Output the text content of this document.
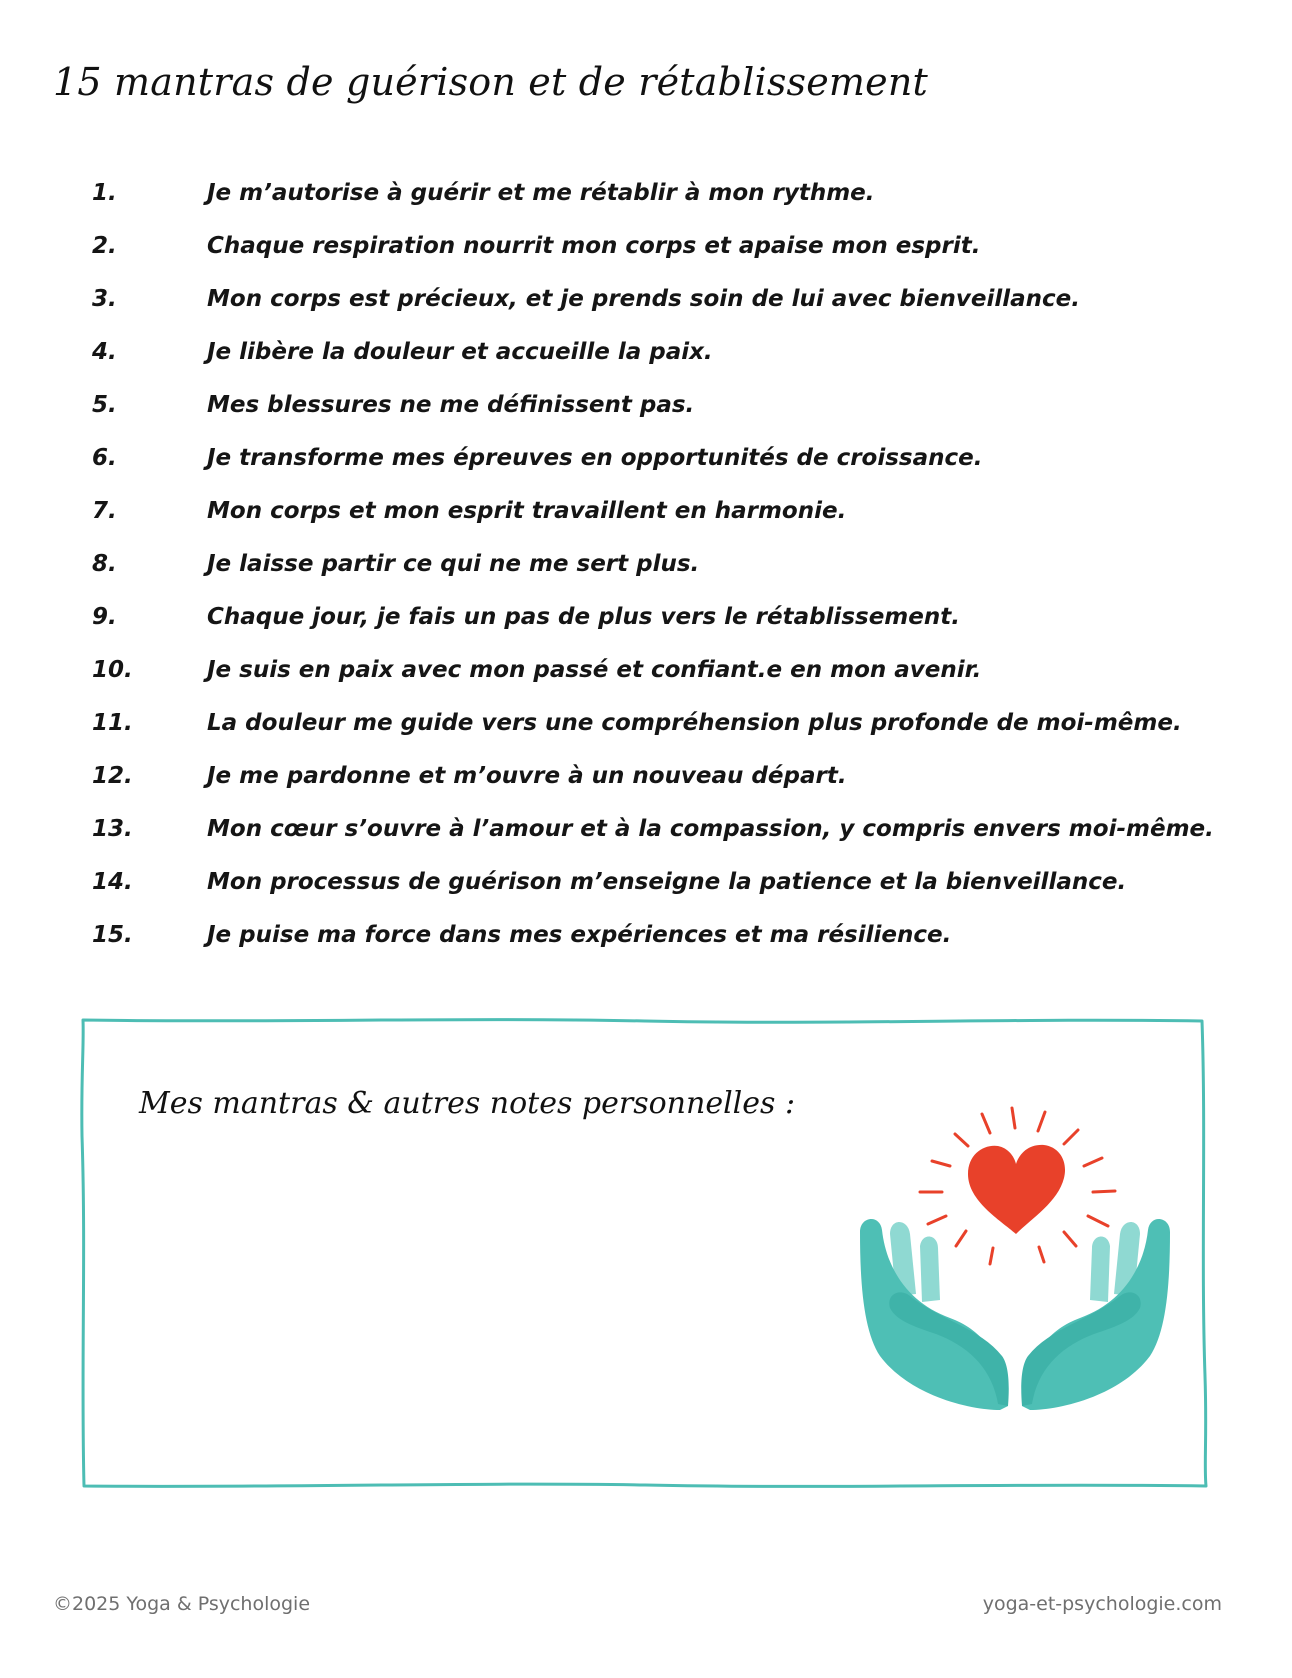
15 mantras de guérison et de rétablissement
1.	Je m’autorise à guérir et me rétablir à mon rythme.
2.	Chaque respiration nourrit mon corps et apaise mon esprit.
3.	Mon corps est précieux, et je prends soin de lui avec bienveillance.
4.	Je libère la douleur et accueille la paix.
5.	Mes blessures ne me définissent pas.
6.	Je transforme mes épreuves en opportunités de croissance.
7.	Mon corps et mon esprit travaillent en harmonie.
8.	Je laisse partir ce qui ne me sert plus.
9.	Chaque jour, je fais un pas de plus vers le rétablissement.
10.	Je suis en paix avec mon passé et confiant.e en mon avenir.
11.	La douleur me guide vers une compréhension plus profonde de moi-même.
12.	Je me pardonne et m’ouvre à un nouveau départ.
13.	Mon cœur s’ouvre à l’amour et à la compassion, y compris envers moi-même.
14.	Mon processus de guérison m’enseigne la patience et la bienveillance.
15.	Je puise ma force dans mes expériences et ma résilience.

Mes mantras & autres notes personnelles :

©2025 Yoga & Psychologie	yoga-et-psychologie.com
